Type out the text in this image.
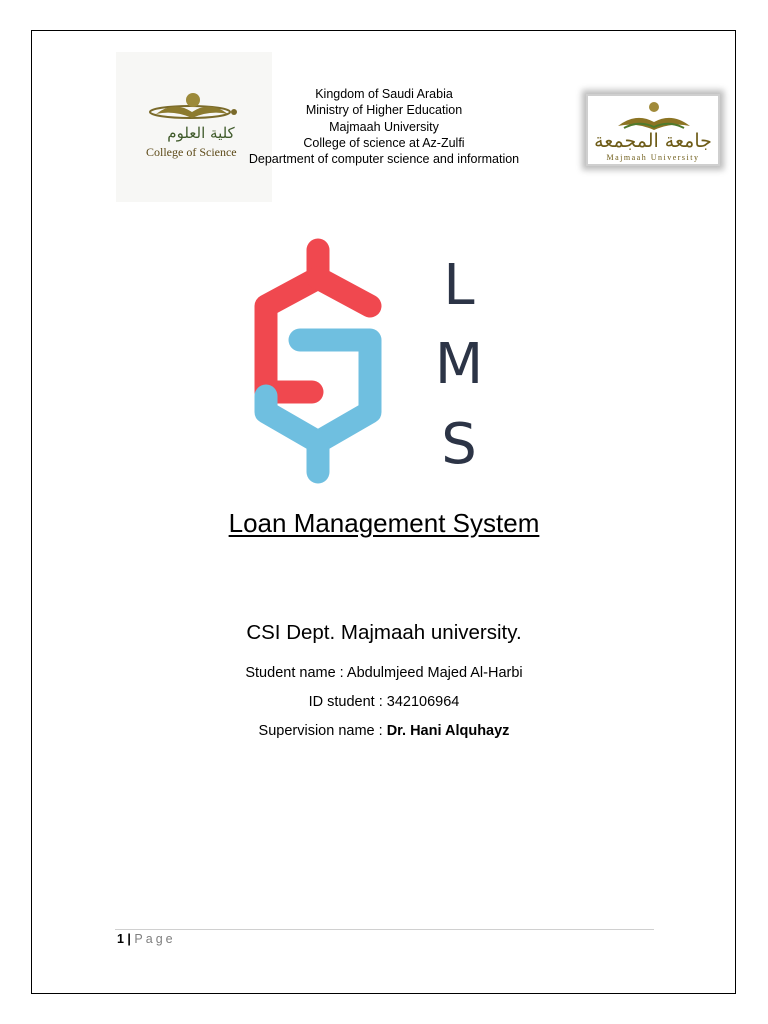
كلية العلوم
College of Science
Kingdom of Saudi Arabia
Ministry of Higher Education
Majmaah University
College of science at Az-Zulfi
Department of computer science and information
جامعة المجمعة
Majmaah University
L
M
S
Loan Management System
CSI Dept. Majmaah university.
Student name : Abdulmjeed Majed Al-Harbi
ID student : 342106964
Supervision name : Dr. Hani Alquhayz
1 | Page
